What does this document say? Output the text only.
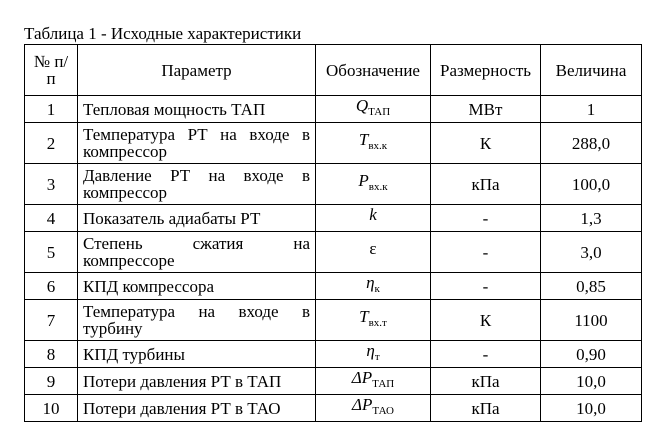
Таблица 1 - Исходные характеристики
№ п/п	Параметр	Обозначение	Размерность	Величина
1	Тепловая мощность ТАП	$Q_{ТАП}$	МВт	1
2	Температура РТ на входе в компрессор	$T_{вх.к}$	К	288,0
3	Давление РТ на входе в компрессор	$P_{вх.к}$	кПа	100,0
4	Показатель адиабаты РТ	k	-	1,3
5	Степень сжатия на компрессоре	ε	-	3,0
6	КПД компрессора	$\eta_к$	-	0,85
7	Температура на входе в турбину	$T_{вх.т}$	К	1100
8	КПД турбины	$\eta_т$	-	0,90
9	Потери давления РТ в ТАП	$\Delta P_{ТАП}$	кПа	10,0
10	Потери давления РТ в ТАО	$\Delta P_{ТАО}$	кПа	10,0
